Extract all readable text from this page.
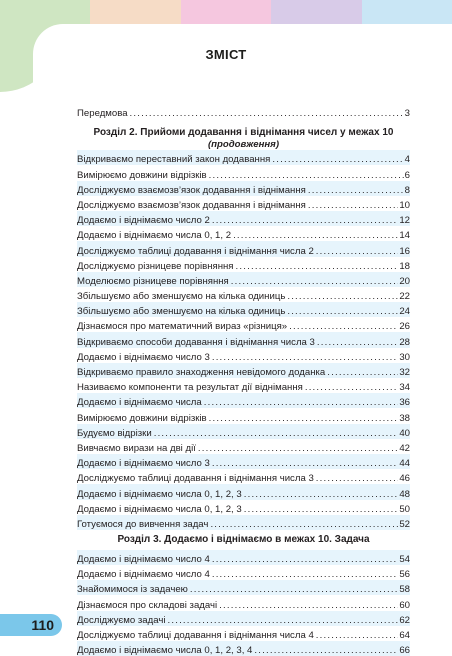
ЗМІСТ
Передмова .....	3
Розділ 2. Прийоми додавання і віднімання чисел у межах 10
(продовження)
Відкриваємо переставний закон додавання .....	4
Вимірюємо довжини відрізків .....	6
Досліджуємо взаємозв’язок додавання і віднімання .....	8
Досліджуємо взаємозв’язок додавання і віднімання .....	10
Додаємо і віднімаємо число 2 .....	12
Додаємо і віднімаємо числа 0, 1, 2 .....	14
Досліджуємо таблиці додавання і віднімання числа 2 .....	16
Досліджуємо різницеве порівняння .....	18
Моделюємо різницеве порівняння .....	20
Збільшуємо або зменшуємо на кілька одиниць .....	22
Збільшуємо або зменшуємо на кілька одиниць .....	24
Дізнаємося про математичний вираз «різниця» .....	26
Відкриваємо способи додавання і віднімання числа 3 .....	28
Додаємо і віднімаємо число 3 .....	30
Відкриваємо правило знаходження невідомого доданка .....	32
Називаємо компоненти та результат дії віднімання .....	34
Додаємо і віднімаємо числа .....	36
Вимірюємо довжини відрізків .....	38
Будуємо відрізки .....	40
Вивчаємо вирази на дві дії .....	42
Додаємо і віднімаємо число 3 .....	44
Досліджуємо таблиці додавання і віднімання числа 3 .....	46
Додаємо і віднімаємо числа 0, 1, 2, 3 .....	48
Додаємо і віднімаємо числа 0, 1, 2, 3 .....	50
Готуємося до вивчення задач .....	52
Розділ 3. Додаємо і віднімаємо в межах 10. Задача
Додаємо і віднімаємо число 4 .....	54
Додаємо і віднімаємо число 4 .....	56
Знайомимося із задачею .....	58
Дізнаємося про складові задачі .....	60
Досліджуємо задачі .....	62
Досліджуємо таблиці додавання і віднімання числа 4 .....	64
Додаємо і віднімаємо числа 0, 1, 2, 3, 4 .....	66
110
